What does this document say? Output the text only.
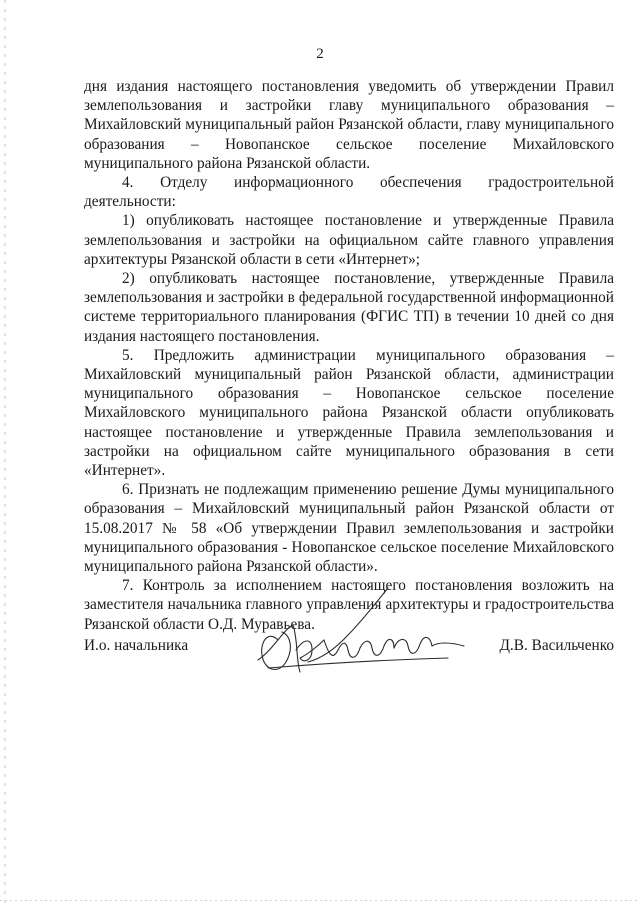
2

дня издания настоящего постановления уведомить об утверждении Правил землепользования и застройки главу муниципального образования – Михайловский муниципальный район Рязанской области, главу муниципального образования – Новопанское сельское поселение Михайловского муниципального района Рязанской области.

4. Отделу информационного обеспечения градостроительной деятельности:

1) опубликовать настоящее постановление и утвержденные Правила землепользования и застройки на официальном сайте главного управления архитектуры Рязанской области в сети «Интернет»;

2) опубликовать настоящее постановление, утвержденные Правила землепользования и застройки в федеральной государственной информационной системе территориального планирования (ФГИС ТП) в течении 10 дней со дня издания настоящего постановления.

5. Предложить администрации муниципального образования – Михайловский муниципальный район Рязанской области, администрации муниципального образования – Новопанское сельское поселение Михайловского муниципального района Рязанской области опубликовать настоящее постановление и утвержденные Правила землепользования и застройки на официальном сайте муниципального образования в сети «Интернет».

6. Признать не подлежащим применению решение Думы муниципального образования – Михайловский муниципальный район Рязанской области от 15.08.2017 № 58 «Об утверждении Правил землепользования и застройки муниципального образования - Новопанское сельское поселение Михайловского муниципального района Рязанской области».

7. Контроль за исполнением настоящего постановления возложить на заместителя начальника главного управления архитектуры и градостроительства Рязанской области О.Д. Муравьева.

И.о. начальника	Д.В. Васильченко
